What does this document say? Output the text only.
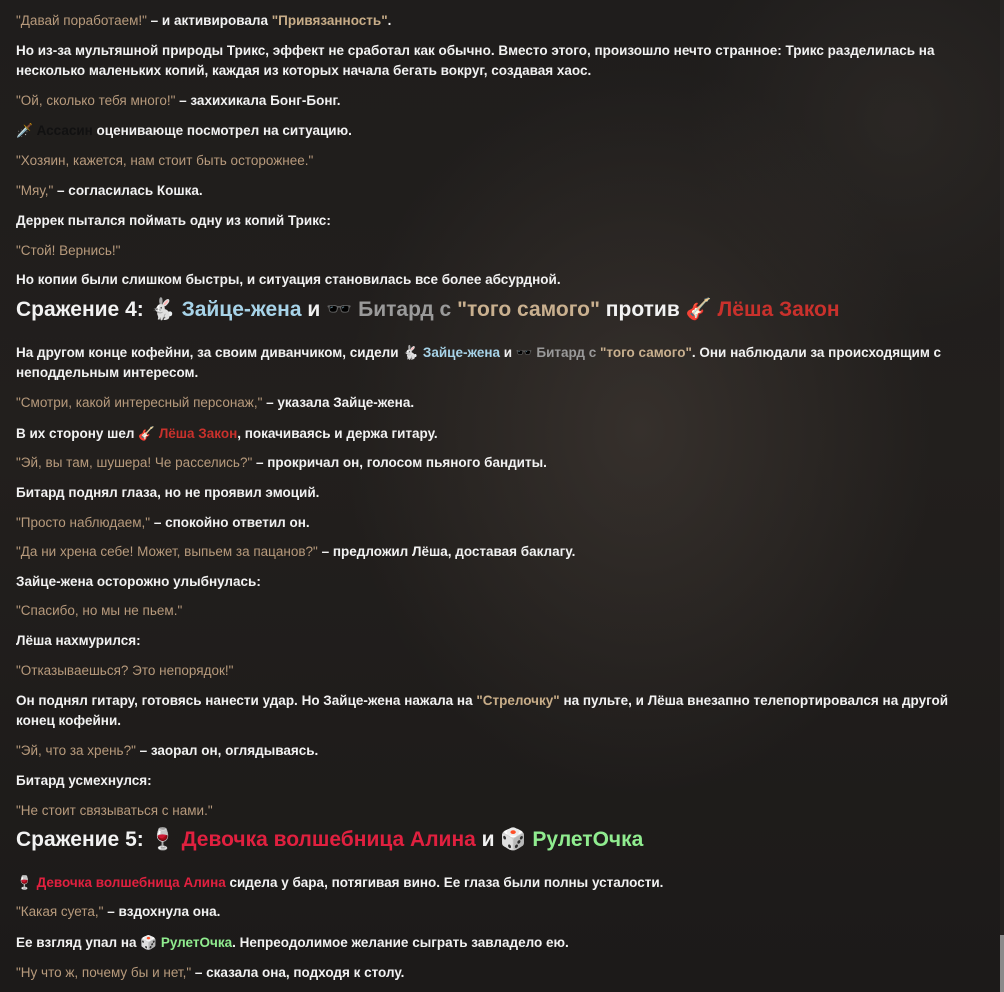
"Давай поработаем!" – и активировала "Привязанность".

Но из-за мультяшной природы Трикс, эффект не сработал как обычно. Вместо этого, произошло нечто странное: Трикс разделилась на несколько маленьких копий, каждая из которых начала бегать вокруг, создавая хаос.

"Ой, сколько тебя много!" – захихикала Бонг-Бонг.

🗡️ Ассасин оценивающе посмотрел на ситуацию.

"Хозяин, кажется, нам стоит быть осторожнее."

"Мяу," – согласилась Кошка.

Деррек пытался поймать одну из копий Трикс:

"Стой! Вернись!"

Но копии были слишком быстры, и ситуация становилась все более абсурдной.

Сражение 4: 🐇 Зайце-жена и 🕶️ Битард с "того самого" против 🎸 Лёша Закон

На другом конце кофейни, за своим диванчиком, сидели 🐇 Зайце-жена и 🕶️ Битард с "того самого". Они наблюдали за происходящим с неподдельным интересом.

"Смотри, какой интересный персонаж," – указала Зайце-жена.

В их сторону шел 🎸 Лёша Закон, покачиваясь и держа гитару.

"Эй, вы там, шушера! Че расселись?" – прокричал он, голосом пьяного бандиты.

Битард поднял глаза, но не проявил эмоций.

"Просто наблюдаем," – спокойно ответил он.

"Да ни хрена себе! Может, выпьем за пацанов?" – предложил Лёша, доставая баклагу.

Зайце-жена осторожно улыбнулась:

"Спасибо, но мы не пьем."

Лёша нахмурился:

"Отказываешься? Это непорядок!"

Он поднял гитару, готовясь нанести удар. Но Зайце-жена нажала на "Стрелочку" на пульте, и Лёша внезапно телепортировался на другой конец кофейни.

"Эй, что за хрень?" – заорал он, оглядываясь.

Битард усмехнулся:

"Не стоит связываться с нами."

Сражение 5: 🍷 Девочка волшебница Алина и 🎲 РулетОчка

🍷 Девочка волшебница Алина сидела у бара, потягивая вино. Ее глаза были полны усталости.

"Какая суета," – вздохнула она.

Ее взгляд упал на 🎲 РулетОчка. Непреодолимое желание сыграть завладело ею.

"Ну что ж, почему бы и нет," – сказала она, подходя к столу.
